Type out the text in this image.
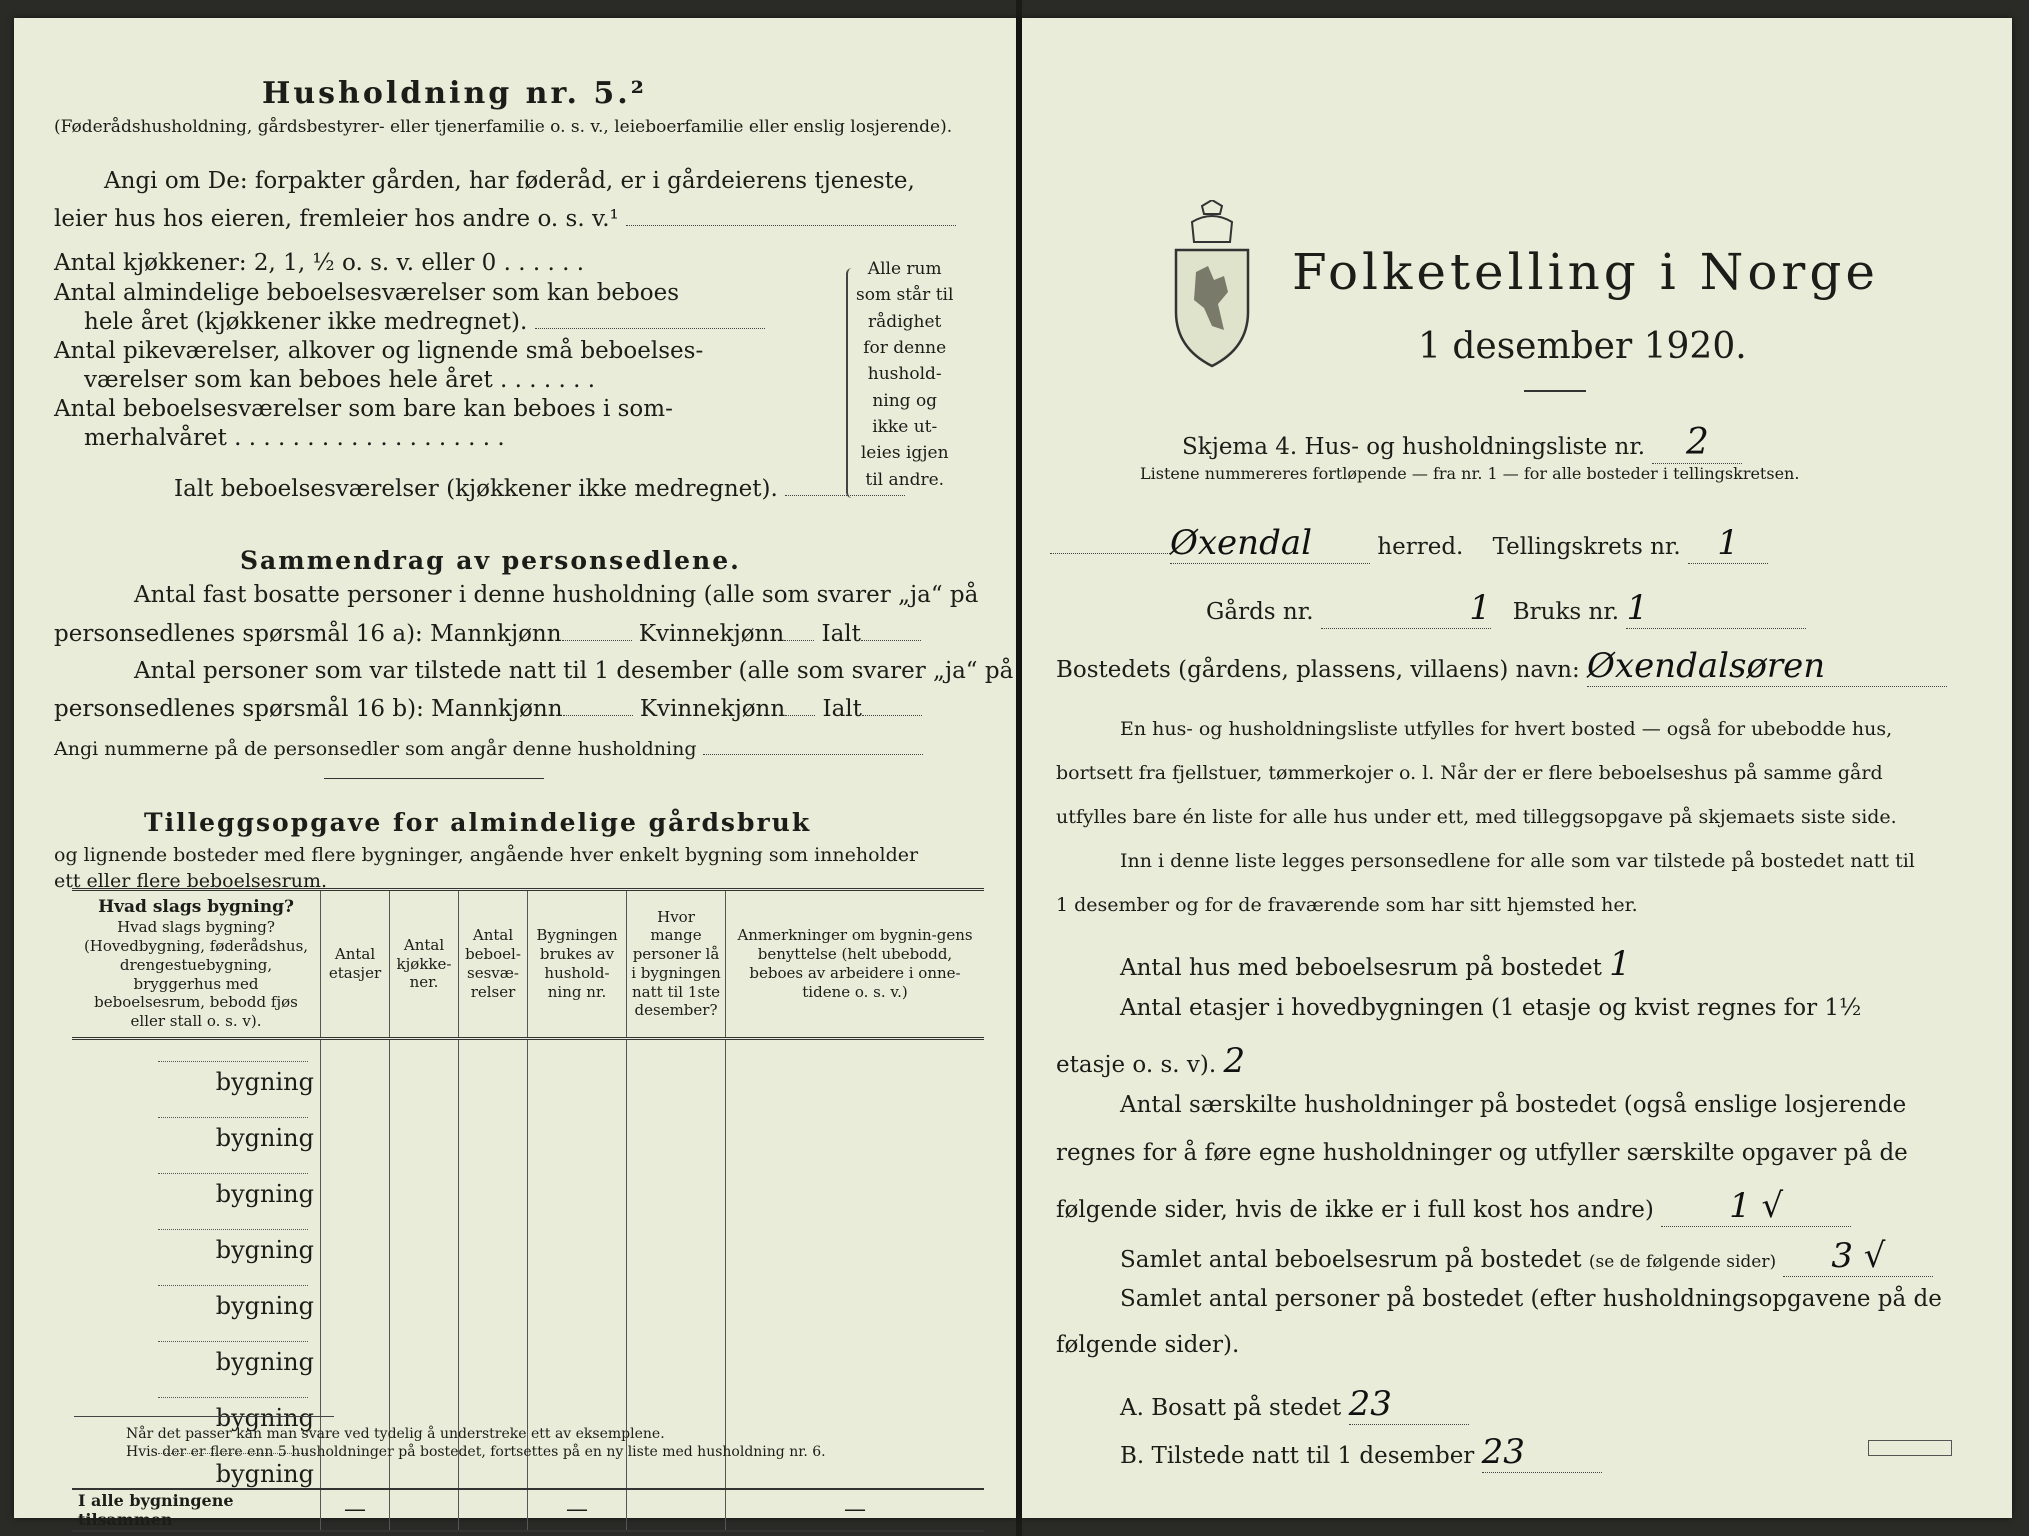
Husholdning nr. 5.²
(Føderådshusholdning, gårdsbestyrer- eller tjenerfamilie o. s. v., leieboerfamilie eller enslig losjerende).
Angi om De: forpakter gården, har føderåd, er i gårdeierens tjeneste,
leier hus hos eieren, fremleier hos andre o. s. v.¹
Antal kjøkkener: 2, 1, ½ o. s. v. eller 0 . . . . . .
Antal almindelige beboelsesværelser som kan beboes
hele året (kjøkkener ikke medregnet).
Antal pikeværelser, alkover og lignende små beboelses-
værelser som kan beboes hele året . . . . . . .
Antal beboelsesværelser som bare kan beboes i som-
merhalvåret . . . . . . . . . . . . . . . . . . .
Ialt beboelsesværelser (kjøkkener ikke medregnet).
Alle rum
som står til
rådighet
for denne
hushold-
ning og
ikke ut-
leies igjen
til andre.
Sammendrag av personsedlene.
Antal fast bosatte personer i denne husholdning (alle som svarer „ja“ på
personsedlenes spørsmål 16 a): Mannkjønn	Kvinnekjønn Ialt
Antal personer som var tilstede natt til 1 desember (alle som svarer „ja“ på
personsedlenes spørsmål 16 b): Mannkjønn	Kvinnekjønn Ialt
Angi nummerne på de personsedler som angår denne husholdning
Tilleggsopgave for almindelige gårdsbruk
og lignende bosteder med flere bygninger, angående hver enkelt bygning som inneholder
ett eller flere beboelsesrum.
Hvad slags bygning?
Hvad slags bygning? (Hovedbygning, føderådshus, drengestuebygning, bryggerhus med beboelsesrum, bebodd fjøs eller stall o. s. v).	Antal etasjer	Antal kjøkke-ner.	Antal beboel-sesvæ-relser	Bygningen brukes av hushold-ning nr.	Hvor mange personer lå i bygningen natt til 1ste desember?	Anmerkninger om bygnin-gens benyttelse (helt ubebodd, beboes av arbeidere i onne-tidene o. s. v.)
bygning						
bygning						
bygning						
bygning						
bygning						
bygning						
bygning						
bygning						
I alle bygningene tilsammen	—			—		—
Når det passer kan man svare ved tydelig å understreke ett av eksemplene.
Hvis der er flere enn 5 husholdninger på bostedet, fortsettes på en ny liste med husholdning nr. 6.
Folketelling i Norge
1 desember 1920.
Skjema 4. Hus- og husholdningsliste nr. 2
Listene nummereres fortløpende — fra nr. 1 — for alle bosteder i tellingskretsen.
Øxendal	herred. Tellingskrets nr. 1
Gårds nr.	1 Bruks nr. 1
Bostedets (gårdens, plassens, villaens) navn: Øxendalsøren
En hus- og husholdningsliste utfylles for hvert bosted — også for ubebodde hus,
bortsett fra fjellstuer, tømmerkojer o. l. Når der er flere beboelseshus på samme gård
utfylles bare én liste for alle hus under ett, med tilleggsopgave på skjemaets siste side.
Inn i denne liste legges personsedlene for alle som var tilstede på bostedet natt til
1 desember og for de fraværende som har sitt hjemsted her.
Antal hus med beboelsesrum på bostedet 1
Antal etasjer i hovedbygningen (1 etasje og kvist regnes for 1½
etasje o. s. v). 2
Antal særskilte husholdninger på bostedet (også enslige losjerende
regnes for å føre egne husholdninger og utfyller særskilte opgaver på de
følgende sider, hvis de ikke er i full kost hos andre) 1 √
Samlet antal beboelsesrum på bostedet (se de følgende sider) 3 √
Samlet antal personer på bostedet (efter husholdningsopgavene på de
følgende sider).
A. Bosatt på stedet 23
B. Tilstede natt til 1 desember 23
